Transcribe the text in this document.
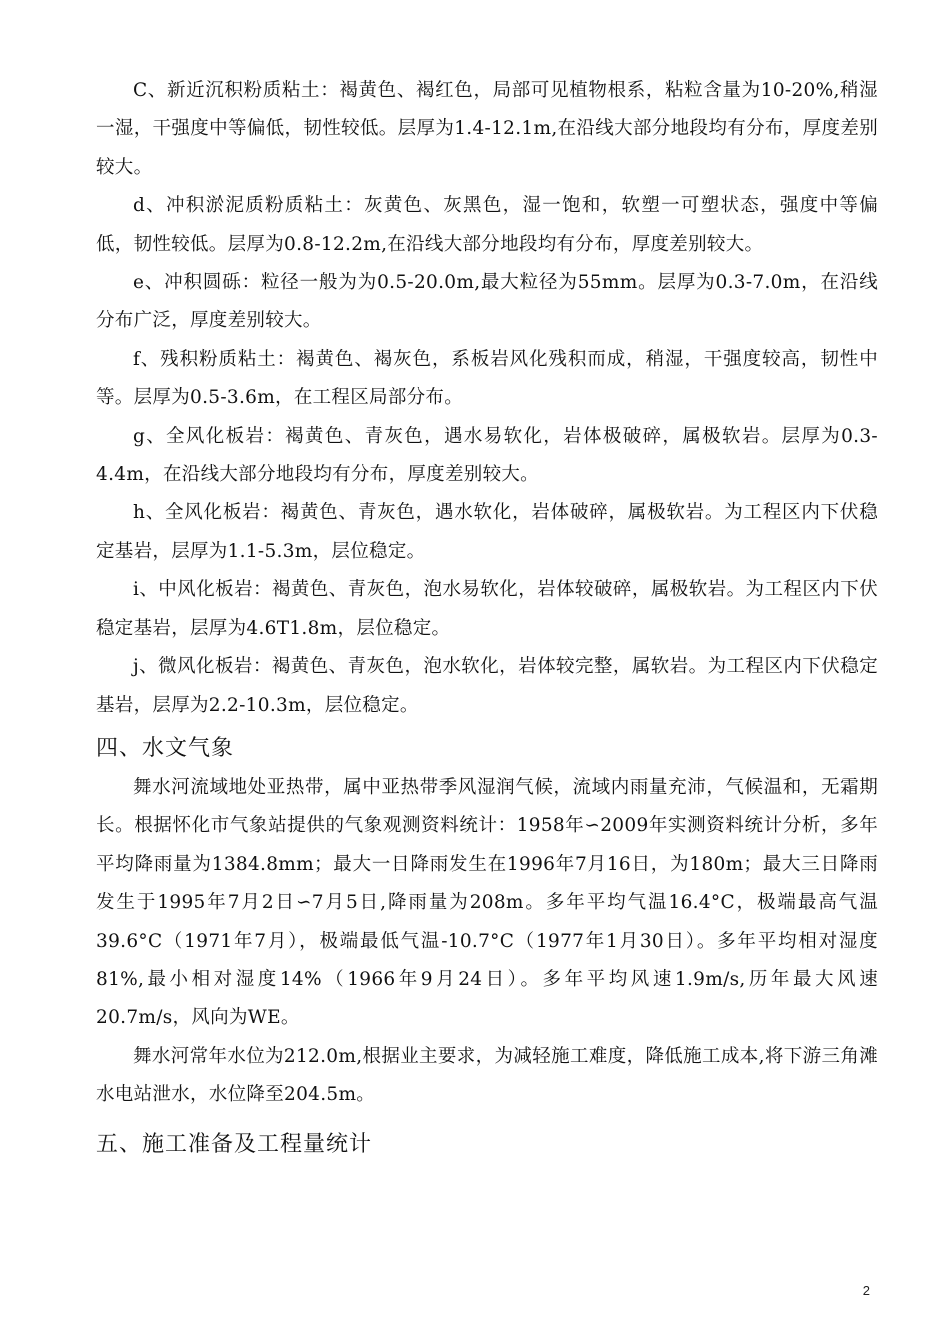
C、新近沉积粉质粘土：褐黄色、褐红色，局部可见植物根系，粘粒含量为10-20%,稍湿一湿，干强度中等偏低，韧性较低。层厚为1.4-12.1m,在沿线大部分地段均有分布，厚度差别较大。

d、冲积淤泥质粉质粘土：灰黄色、灰黑色，湿一饱和，软塑一可塑状态，强度中等偏低，韧性较低。层厚为0.8-12.2m,在沿线大部分地段均有分布，厚度差别较大。

e、冲积圆砾：粒径一般为为0.5-20.0m,最大粒径为55mm。层厚为0.3-7.0m，在沿线分布广泛，厚度差别较大。

f、残积粉质粘土：褐黄色、褐灰色，系板岩风化残积而成，稍湿，干强度较高，韧性中等。层厚为0.5-3.6m，在工程区局部分布。

g、全风化板岩：褐黄色、青灰色，遇水易软化，岩体极破碎，属极软岩。层厚为0.3-4.4m，在沿线大部分地段均有分布，厚度差别较大。

h、全风化板岩：褐黄色、青灰色，遇水软化，岩体破碎，属极软岩。为工程区内下伏稳定基岩，层厚为1.1-5.3m，层位稳定。

i、中风化板岩：褐黄色、青灰色，泡水易软化，岩体较破碎，属极软岩。为工程区内下伏稳定基岩，层厚为4.6T1.8m，层位稳定。

j、微风化板岩：褐黄色、青灰色，泡水软化，岩体较完整，属软岩。为工程区内下伏稳定基岩，层厚为2.2-10.3m，层位稳定。

四、水文气象

舞水河流域地处亚热带，属中亚热带季风湿润气候，流域内雨量充沛，气候温和，无霜期长。根据怀化市气象站提供的气象观测资料统计：1958年∽2009年实测资料统计分析，多年平均降雨量为1384.8mm；最大一日降雨发生在1996年7月16日，为180m；最大三日降雨发生于1995年7月2日∽7月5日,降雨量为208m。多年平均气温16.4°C，极端最高气温39.6°C（1971年7月），极端最低气温-10.7°C（1977年1月30日）。多年平均相对湿度81%,最小相对湿度14%（1966年9月24日）。多年平均风速1.9m/s,历年最大风速20.7m/s，风向为WE。

舞水河常年水位为212.0m,根据业主要求，为减轻施工难度，降低施工成本,将下游三角滩水电站泄水，水位降至204.5m。

五、施工准备及工程量统计
2
